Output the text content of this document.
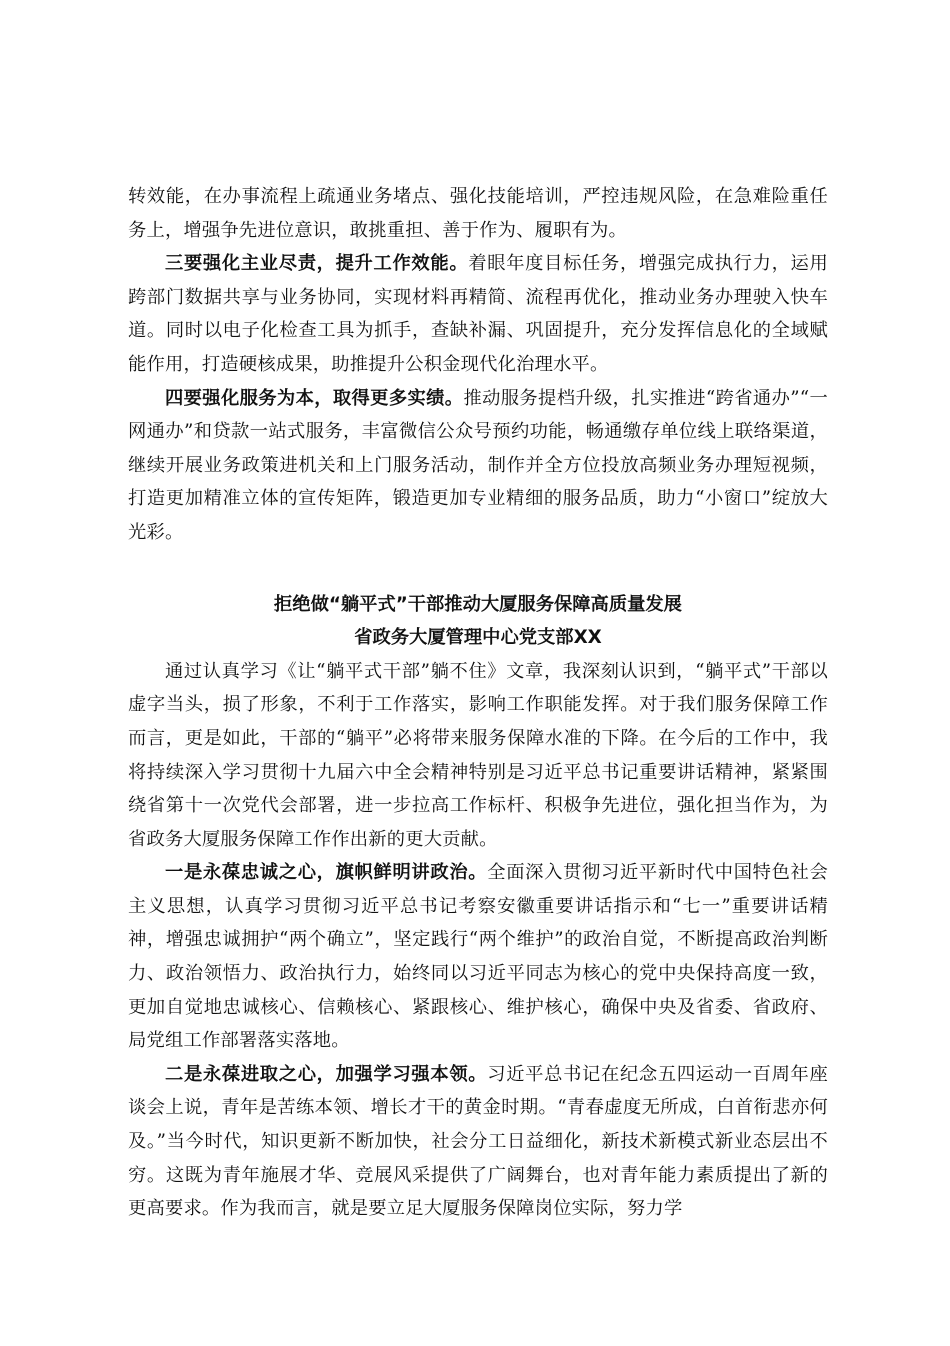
转效能，在办事流程上疏通业务堵点、强化技能培训，严控违规风险，在急难险重任务上，增强争先进位意识，敢挑重担、善于作为、履职有为。

三要强化主业尽责，提升工作效能。着眼年度目标任务，增强完成执行力，运用跨部门数据共享与业务协同，实现材料再精简、流程再优化，推动业务办理驶入快车道。同时以电子化检查工具为抓手，查缺补漏、巩固提升，充分发挥信息化的全域赋能作用，打造硬核成果，助推提升公积金现代化治理水平。

四要强化服务为本，取得更多实绩。推动服务提档升级，扎实推进“跨省通办”“一网通办”和贷款一站式服务，丰富微信公众号预约功能，畅通缴存单位线上联络渠道，继续开展业务政策进机关和上门服务活动，制作并全方位投放高频业务办理短视频，打造更加精准立体的宣传矩阵，锻造更加专业精细的服务品质，助力“小窗口”绽放大光彩。

拒绝做“躺平式”干部推动大厦服务保障高质量发展

省政务大厦管理中心党支部XX

通过认真学习《让“躺平式干部”躺不住》文章，我深刻认识到，“躺平式”干部以虚字当头，损了形象，不利于工作落实，影响工作职能发挥。对于我们服务保障工作而言，更是如此，干部的“躺平”必将带来服务保障水准的下降。在今后的工作中，我将持续深入学习贯彻十九届六中全会精神特别是习近平总书记重要讲话精神，紧紧围绕省第十一次党代会部署，进一步拉高工作标杆、积极争先进位，强化担当作为，为省政务大厦服务保障工作作出新的更大贡献。

一是永葆忠诚之心，旗帜鲜明讲政治。全面深入贯彻习近平新时代中国特色社会主义思想，认真学习贯彻习近平总书记考察安徽重要讲话指示和“七一”重要讲话精神，增强忠诚拥护“两个确立”，坚定践行“两个维护”的政治自觉，不断提高政治判断力、政治领悟力、政治执行力，始终同以习近平同志为核心的党中央保持高度一致，更加自觉地忠诚核心、信赖核心、紧跟核心、维护核心，确保中央及省委、省政府、局党组工作部署落实落地。

二是永葆进取之心，加强学习强本领。习近平总书记在纪念五四运动一百周年座谈会上说，青年是苦练本领、增长才干的黄金时期。“青春虚度无所成，白首衔悲亦何及。”当今时代，知识更新不断加快，社会分工日益细化，新技术新模式新业态层出不穷。这既为青年施展才华、竞展风采提供了广阔舞台，也对青年能力素质提出了新的更高要求。作为我而言，就是要立足大厦服务保障岗位实际，努力学
